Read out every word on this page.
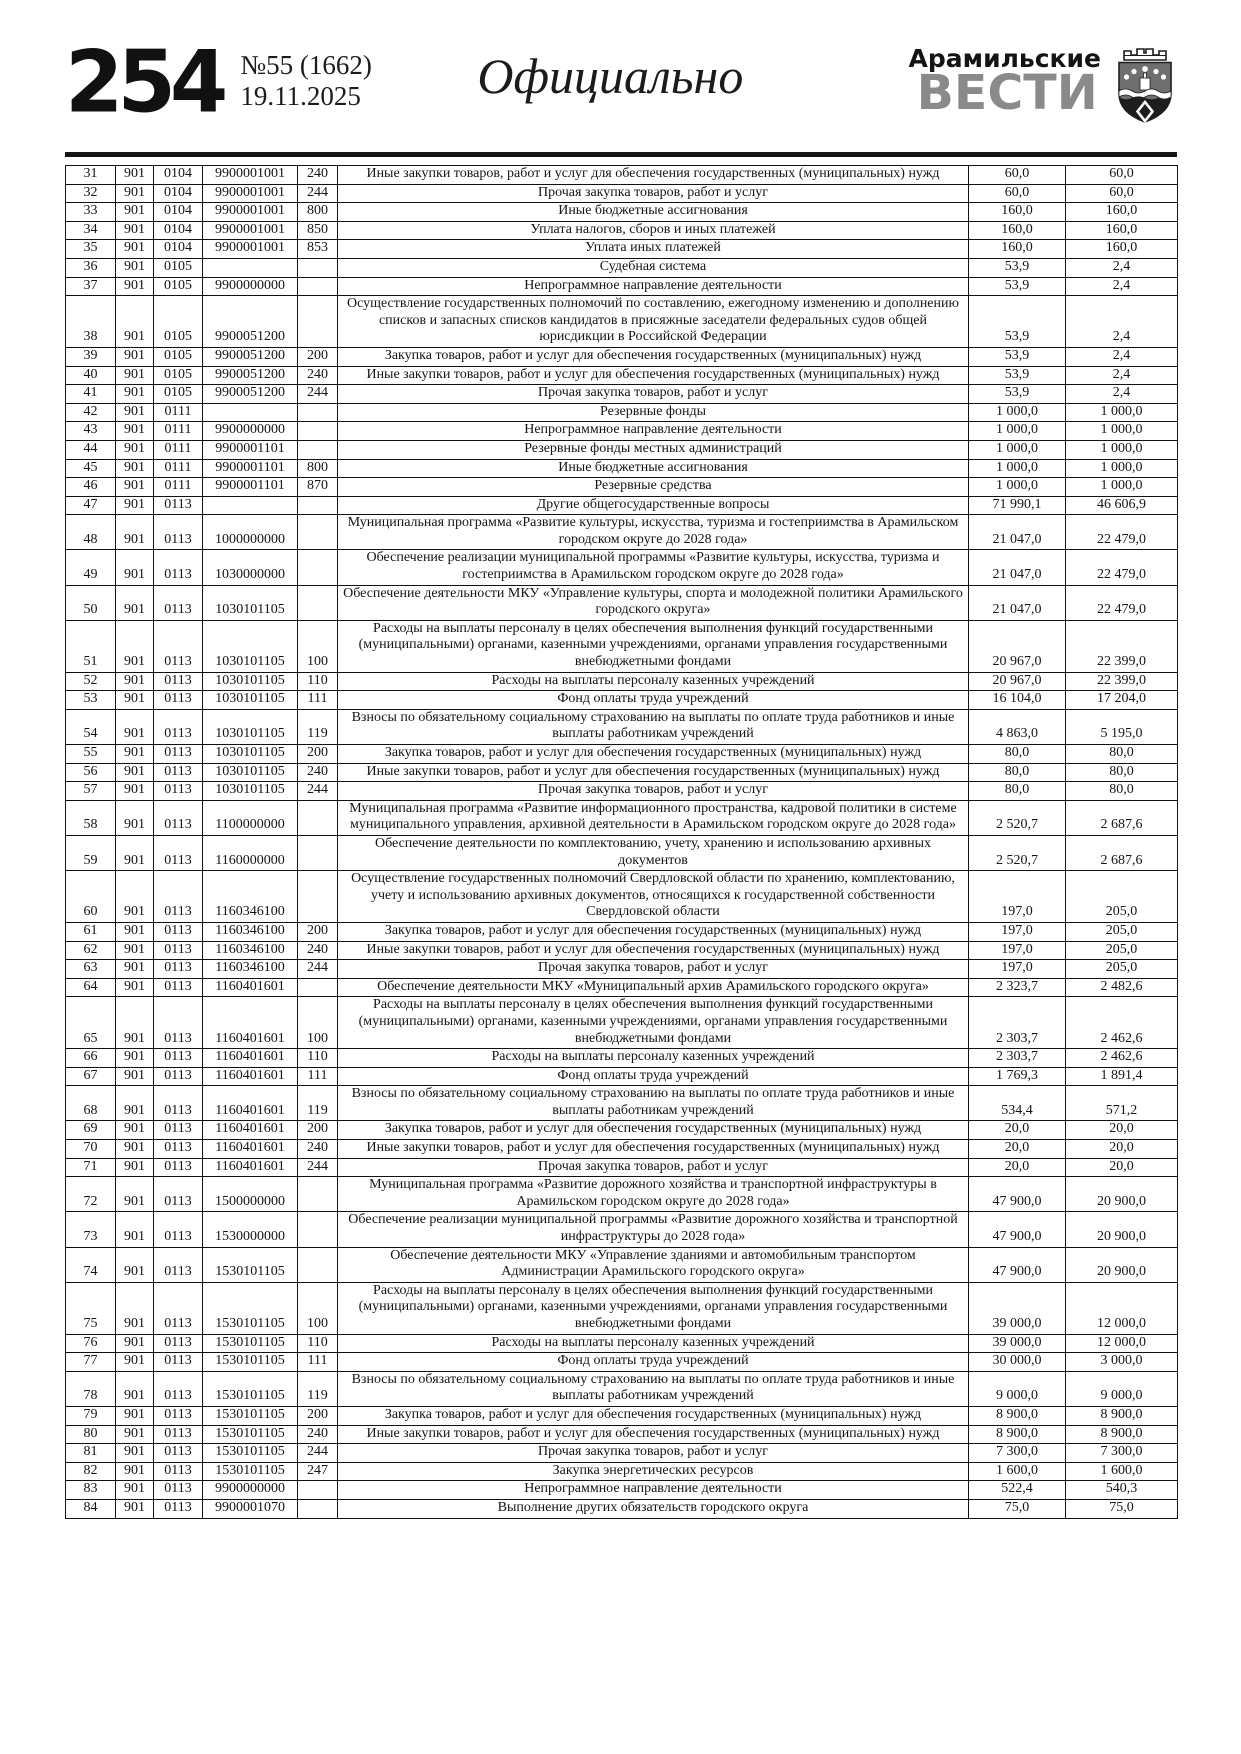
254 №55 (1662)
19.11.2025 Официально	Арамильские
ВЕСТИ
31	901	0104	9900001001	240	Иные закупки товаров, работ и услуг для обеспечения государственных (муниципальных) нужд	60,0	60,0
32	901	0104	9900001001	244	Прочая закупка товаров, работ и услуг	60,0	60,0
33	901	0104	9900001001	800	Иные бюджетные ассигнования	160,0	160,0
34	901	0104	9900001001	850	Уплата налогов, сборов и иных платежей	160,0	160,0
35	901	0104	9900001001	853	Уплата иных платежей	160,0	160,0
36	901	0105			Судебная система	53,9	2,4
37	901	0105	9900000000		Непрограммное направление деятельности	53,9	2,4
38	901	0105	9900051200		Осуществление государственных полномочий по составлению, ежегодному изменению и дополнению списков и запасных списков кандидатов в присяжные заседатели федеральных судов общей юрисдикции в Российской Федерации	53,9	2,4
39	901	0105	9900051200	200	Закупка товаров, работ и услуг для обеспечения государственных (муниципальных) нужд	53,9	2,4
40	901	0105	9900051200	240	Иные закупки товаров, работ и услуг для обеспечения государственных (муниципальных) нужд	53,9	2,4
41	901	0105	9900051200	244	Прочая закупка товаров, работ и услуг	53,9	2,4
42	901	0111			Резервные фонды	1 000,0	1 000,0
43	901	0111	9900000000		Непрограммное направление деятельности	1 000,0	1 000,0
44	901	0111	9900001101		Резервные фонды местных администраций	1 000,0	1 000,0
45	901	0111	9900001101	800	Иные бюджетные ассигнования	1 000,0	1 000,0
46	901	0111	9900001101	870	Резервные средства	1 000,0	1 000,0
47	901	0113			Другие общегосударственные вопросы	71 990,1	46 606,9
48	901	0113	1000000000		Муниципальная программа «Развитие культуры, искусства, туризма и гостеприимства в Арамильском городском округе до 2028 года»	21 047,0	22 479,0
49	901	0113	1030000000		Обеспечение реализации муниципальной программы «Развитие культуры, искусства, туризма и гостеприимства в Арамильском городском округе до 2028 года»	21 047,0	22 479,0
50	901	0113	1030101105		Обеспечение деятельности МКУ «Управление культуры, спорта и молодежной политики Арамильского городского округа»	21 047,0	22 479,0
51	901	0113	1030101105	100	Расходы на выплаты персоналу в целях обеспечения выполнения функций государственными (муниципальными) органами, казенными учреждениями, органами управления государственными внебюджетными фондами	20 967,0	22 399,0
52	901	0113	1030101105	110	Расходы на выплаты персоналу казенных учреждений	20 967,0	22 399,0
53	901	0113	1030101105	111	Фонд оплаты труда учреждений	16 104,0	17 204,0
54	901	0113	1030101105	119	Взносы по обязательному социальному страхованию на выплаты по оплате труда работников и иные выплаты работникам учреждений	4 863,0	5 195,0
55	901	0113	1030101105	200	Закупка товаров, работ и услуг для обеспечения государственных (муниципальных) нужд	80,0	80,0
56	901	0113	1030101105	240	Иные закупки товаров, работ и услуг для обеспечения государственных (муниципальных) нужд	80,0	80,0
57	901	0113	1030101105	244	Прочая закупка товаров, работ и услуг	80,0	80,0
58	901	0113	1100000000		Муниципальная программа «Развитие информационного пространства, кадровой политики в системе муниципального управления, архивной деятельности в Арамильском городском округе до 2028 года»	2 520,7	2 687,6
59	901	0113	1160000000		Обеспечение деятельности по комплектованию, учету, хранению и использованию архивных документов	2 520,7	2 687,6
60	901	0113	1160346100		Осуществление государственных полномочий Свердловской области по хранению, комплектованию, учету и использованию архивных документов, относящихся к государственной собственности Свердловской области	197,0	205,0
61	901	0113	1160346100	200	Закупка товаров, работ и услуг для обеспечения государственных (муниципальных) нужд	197,0	205,0
62	901	0113	1160346100	240	Иные закупки товаров, работ и услуг для обеспечения государственных (муниципальных) нужд	197,0	205,0
63	901	0113	1160346100	244	Прочая закупка товаров, работ и услуг	197,0	205,0
64	901	0113	1160401601		Обеспечение деятельности МКУ «Муниципальный архив Арамильского городского округа»	2 323,7	2 482,6
65	901	0113	1160401601	100	Расходы на выплаты персоналу в целях обеспечения выполнения функций государственными (муниципальными) органами, казенными учреждениями, органами управления государственными внебюджетными фондами	2 303,7	2 462,6
66	901	0113	1160401601	110	Расходы на выплаты персоналу казенных учреждений	2 303,7	2 462,6
67	901	0113	1160401601	111	Фонд оплаты труда учреждений	1 769,3	1 891,4
68	901	0113	1160401601	119	Взносы по обязательному социальному страхованию на выплаты по оплате труда работников и иные выплаты работникам учреждений	534,4	571,2
69	901	0113	1160401601	200	Закупка товаров, работ и услуг для обеспечения государственных (муниципальных) нужд	20,0	20,0
70	901	0113	1160401601	240	Иные закупки товаров, работ и услуг для обеспечения государственных (муниципальных) нужд	20,0	20,0
71	901	0113	1160401601	244	Прочая закупка товаров, работ и услуг	20,0	20,0
72	901	0113	1500000000		Муниципальная программа «Развитие дорожного хозяйства и транспортной инфраструктуры в Арамильском городском округе до 2028 года»	47 900,0	20 900,0
73	901	0113	1530000000		Обеспечение реализации муниципальной программы «Развитие дорожного хозяйства и транспортной инфраструктуры до 2028 года»	47 900,0	20 900,0
74	901	0113	1530101105		Обеспечение деятельности МКУ «Управление зданиями и автомобильным транспортом Администрации Арамильского городского округа»	47 900,0	20 900,0
75	901	0113	1530101105	100	Расходы на выплаты персоналу в целях обеспечения выполнения функций государственными (муниципальными) органами, казенными учреждениями, органами управления государственными внебюджетными фондами	39 000,0	12 000,0
76	901	0113	1530101105	110	Расходы на выплаты персоналу казенных учреждений	39 000,0	12 000,0
77	901	0113	1530101105	111	Фонд оплаты труда учреждений	30 000,0	3 000,0
78	901	0113	1530101105	119	Взносы по обязательному социальному страхованию на выплаты по оплате труда работников и иные выплаты работникам учреждений	9 000,0	9 000,0
79	901	0113	1530101105	200	Закупка товаров, работ и услуг для обеспечения государственных (муниципальных) нужд	8 900,0	8 900,0
80	901	0113	1530101105	240	Иные закупки товаров, работ и услуг для обеспечения государственных (муниципальных) нужд	8 900,0	8 900,0
81	901	0113	1530101105	244	Прочая закупка товаров, работ и услуг	7 300,0	7 300,0
82	901	0113	1530101105	247	Закупка энергетических ресурсов	1 600,0	1 600,0
83	901	0113	9900000000		Непрограммное направление деятельности	522,4	540,3
84	901	0113	9900001070		Выполнение других обязательств городского округа	75,0	75,0
